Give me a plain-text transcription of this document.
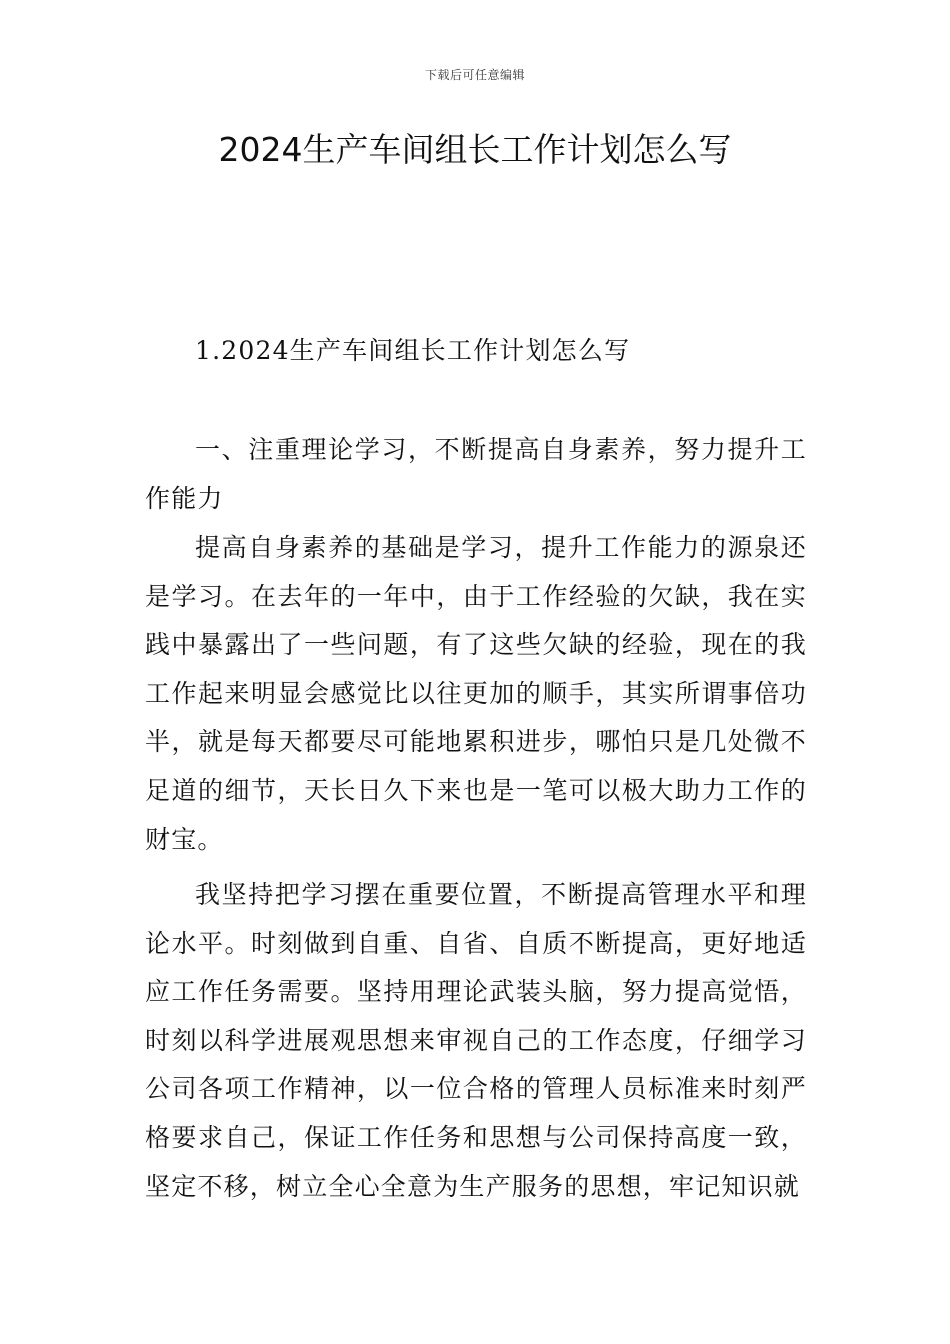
下载后可任意编辑
2024生产车间组长工作计划怎么写

1.2024生产车间组长工作计划怎么写

一、注重理论学习，不断提高自身素养，努力提升工作能力

提高自身素养的基础是学习，提升工作能力的源泉还是学习。在去年的一年中，由于工作经验的欠缺，我在实践中暴露出了一些问题，有了这些欠缺的经验，现在的我工作起来明显会感觉比以往更加的顺手，其实所谓事倍功半，就是每天都要尽可能地累积进步，哪怕只是几处微不足道的细节，天长日久下来也是一笔可以极大助力工作的财宝。

我坚持把学习摆在重要位置，不断提高管理水平和理论水平。时刻做到自重、自省、自质不断提高，更好地适应工作任务需要。坚持用理论武装头脑，努力提高觉悟，时刻以科学进展观思想来审视自己的工作态度，仔细学习公司各项工作精神，以一位合格的管理人员标准来时刻严格要求自己，保证工作任务和思想与公司保持高度一致，坚定不移，树立全心全意为生产服务的思想，牢记知识就
